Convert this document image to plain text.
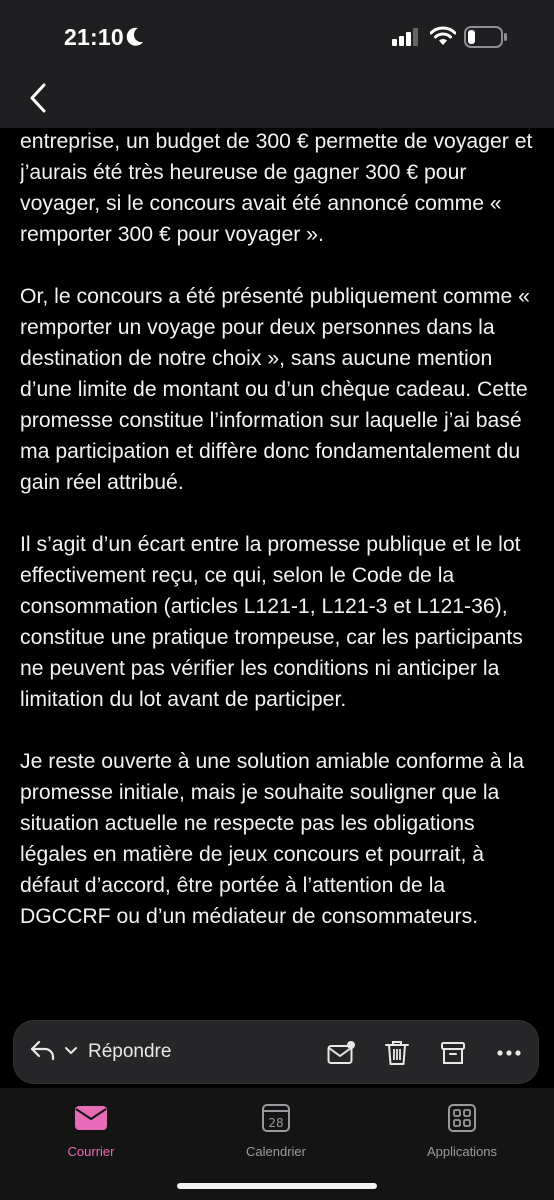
21:10

entreprise, un budget de 300 € permette de voyager et j’aurais été très heureuse de gagner 300 € pour voyager, si le concours avait été annoncé comme « remporter 300 € pour voyager ».

Or, le concours a été présenté publiquement comme « remporter un voyage pour deux personnes dans la destination de notre choix », sans aucune mention d’une limite de montant ou d’un chèque cadeau. Cette promesse constitue l’information sur laquelle j’ai basé ma participation et diffère donc fondamentalement du gain réel attribué.

Il s’agit d’un écart entre la promesse publique et le lot effectivement reçu, ce qui, selon le Code de la consommation (articles L121-1, L121-3 et L121-36), constitue une pratique trompeuse, car les participants ne peuvent pas vérifier les conditions ni anticiper la limitation du lot avant de participer.

Je reste ouverte à une solution amiable conforme à la promesse initiale, mais je souhaite souligner que la situation actuelle ne respecte pas les obligations légales en matière de jeux concours et pourrait, à défaut d’accord, être portée à l’attention de la DGCCRF ou d’un médiateur de consommateurs.

Répondre
Courrier
28
Calendrier	Applications
